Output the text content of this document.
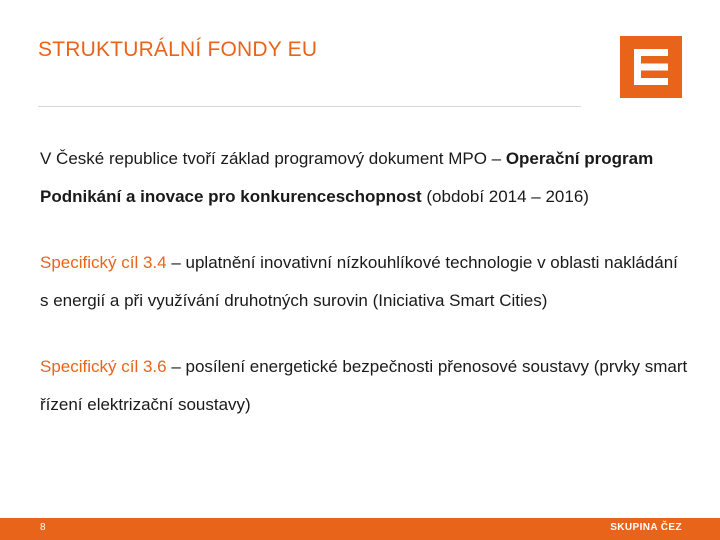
STRUKTURÁLNÍ FONDY EU

V České republice tvoří základ programový dokument MPO – Operační program Podnikání a inovace pro konkurenceschopnost (období 2014 – 2016)

Specifický cíl 3.4 – uplatnění inovativní nízkouhlíkové technologie v oblasti nakládání s energií a při využívání druhotných surovin (Iniciativa Smart Cities)

Specifický cíl 3.6 – posílení energetické bezpečnosti přenosové soustavy (prvky smart řízení elektrizační soustavy)

8	SKUPINA ČEZ
